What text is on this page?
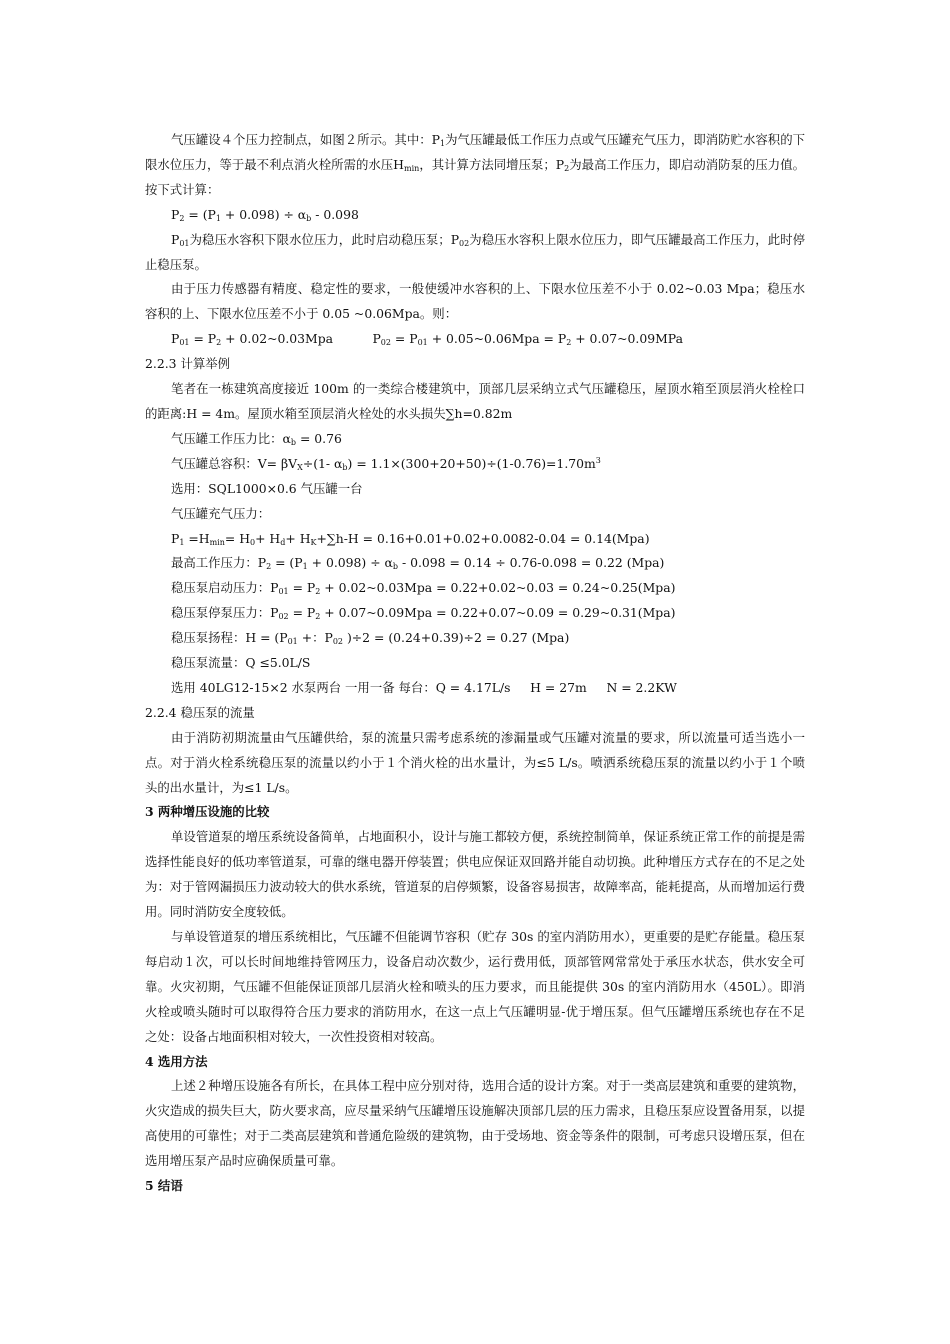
气压罐设４个压力控制点，如图２所示。其中：$P_1$为气压罐最低工作压力点或气压罐充气压力，即消防贮水容积的下限水位压力，等于最不利点消火栓所需的水压$H_{min}$，其计算方法同增压泵；$P_2$为最高工作压力，即启动消防泵的压力值。按下式计算：

$P_2 = (P_1 + 0.098) \div \alpha_b - 0.098$

$P_{01}$为稳压水容积下限水位压力，此时启动稳压泵；$P_{02}$为稳压水容积上限水位压力，即气压罐最高工作压力，此时停止稳压泵。

由于压力传感器有精度、稳定性的要求，一般使缓冲水容积的上、下限水位压差不小于 0.02~0.03 Mpa；稳压水容积的上、下限水位压差不小于 0.05 ~0.06Mpa。则：

$P_{01} = P_2$ + 0.02~0.03Mpa          $P_{02} = P_{01}$ + 0.05~0.06Mpa = $P_2$ + 0.07~0.09MPa

2.2.3 计算举例

笔者在一栋建筑高度接近 100m 的一类综合楼建筑中，顶部几层采纳立式气压罐稳压，屋顶水箱至顶层消火栓栓口的距离:H = 4m。屋顶水箱至顶层消火栓处的水头损失∑h=0.82m

气压罐工作压力比：$\alpha_b = 0.76$

气压罐总容积：$V= \beta V_X\div(1-$ $\alpha_b) = 1.1\times(300+20+50)\div(1-0.76)=1.70m^3$

选用：SQL1000×0.6 气压罐一台

气压罐充气压力：

$P_1 =H_{min}= H_0+ H_d+ H_K+\sum h-H = 0.16+0.01+0.02+0.0082-0.04 = 0.14(Mpa)$

最高工作压力：$P_2 = (P_1 + 0.098) \div \alpha_b - 0.098 = 0.14 \div 0.76-0.098 = 0.22$ (Mpa)

稳压泵启动压力：$P_{01} = P_2$ + 0.02~0.03Mpa = 0.22+0.02~0.03 = 0.24~0.25(Mpa)

稳压泵停泵压力：$P_{02} = P_2$ + 0.07~0.09Mpa = 0.22+0.07~0.09 = 0.29~0.31(Mpa)

稳压泵扬程：$H = (P_{01}$ +：$P_{02}$ )÷2 = (0.24+0.39)÷2 = 0.27 (Mpa)

稳压泵流量：Q ≤5.0L/S

选用 40LG12-15×2 水泵两台 一用一备 每台：Q = 4.17L/s     H = 27m     N = 2.2KW

2.2.4 稳压泵的流量

由于消防初期流量由气压罐供给，泵的流量只需考虑系统的渗漏量或气压罐对流量的要求，所以流量可适当选小一点。对于消火栓系统稳压泵的流量以约小于１个消火栓的出水量计，为≤5 L/s。喷洒系统稳压泵的流量以约小于１个喷头的出水量计，为≤1 L/s。

3 两种增压设施的比较

单设管道泵的增压系统设备简单，占地面积小，设计与施工都较方便，系统控制简单，保证系统正常工作的前提是需选择性能良好的低功率管道泵，可靠的继电器开停装置；供电应保证双回路并能自动切换。此种增压方式存在的不足之处为：对于管网漏损压力波动较大的供水系统，管道泵的启停频繁，设备容易损害，故障率高，能耗提高，从而增加运行费用。同时消防安全度较低。

与单设管道泵的增压系统相比，气压罐不但能调节容积（贮存 30s 的室内消防用水），更重要的是贮存能量。稳压泵每启动１次，可以长时间地维持管网压力，设备启动次数少，运行费用低，顶部管网常常处于承压水状态，供水安全可靠。火灾初期，气压罐不但能保证顶部几层消火栓和喷头的压力要求，而且能提供 30s 的室内消防用水（450L）。即消火栓或喷头随时可以取得符合压力要求的消防用水，在这一点上气压罐明显-优于增压泵。但气压罐增压系统也存在不足之处：设备占地面积相对较大，一次性投资相对较高。

4 选用方法

上述２种增压设施各有所长，在具体工程中应分别对待，选用合适的设计方案。对于一类高层建筑和重要的建筑物，火灾造成的损失巨大，防火要求高，应尽量采纳气压罐增压设施解决顶部几层的压力需求，且稳压泵应设置备用泵，以提高使用的可靠性；对于二类高层建筑和普通危险级的建筑物，由于受场地、资金等条件的限制，可考虑只设增压泵，但在选用增压泵产品时应确保质量可靠。

5 结语
